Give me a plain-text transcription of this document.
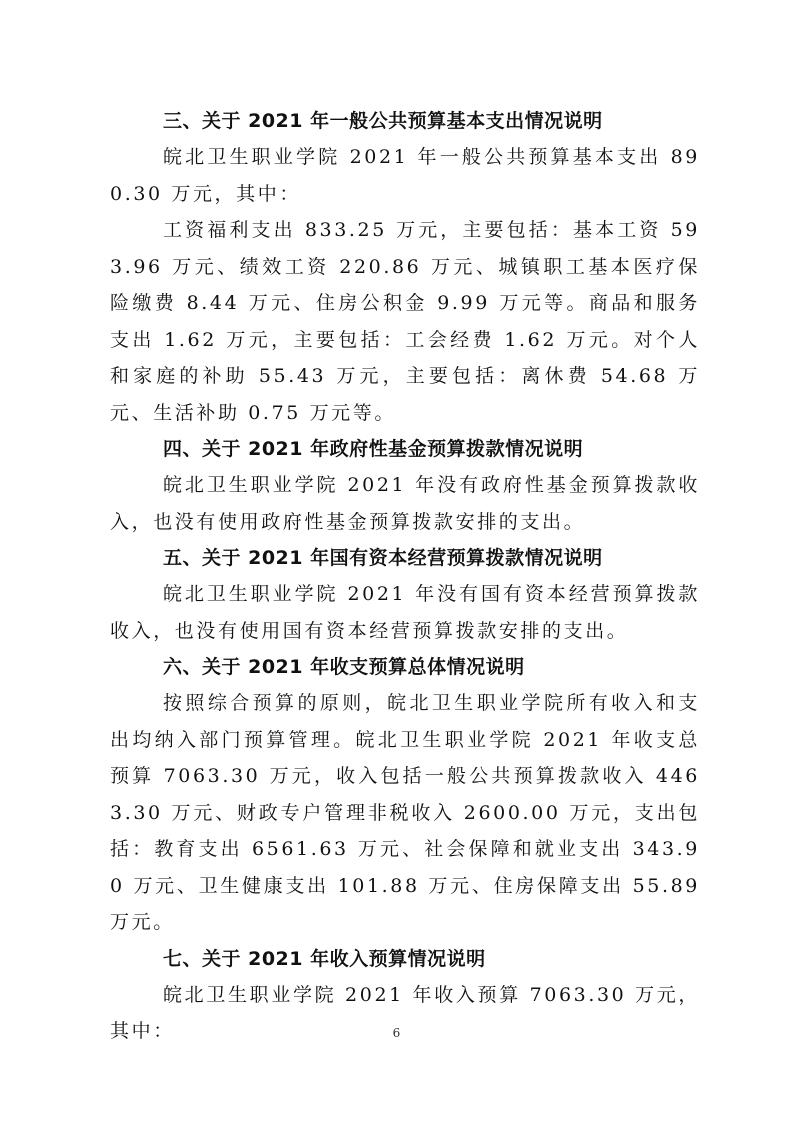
三、关于 2021 年一般公共预算基本支出情况说明

皖北卫生职业学院 2021 年一般公共预算基本支出 890.30 万元，其中：

工资福利支出 833.25 万元，主要包括：基本工资 593.96 万元、绩效工资 220.86 万元、城镇职工基本医疗保险缴费 8.44 万元、住房公积金 9.99 万元等。商品和服务支出 1.62 万元，主要包括：工会经费 1.62 万元。对个人和家庭的补助 55.43 万元，主要包括：离休费 54.68 万元、生活补助 0.75 万元等。

四、关于 2021 年政府性基金预算拨款情况说明

皖北卫生职业学院 2021 年没有政府性基金预算拨款收入，也没有使用政府性基金预算拨款安排的支出。

五、关于 2021 年国有资本经营预算拨款情况说明

皖北卫生职业学院 2021 年没有国有资本经营预算拨款收入，也没有使用国有资本经营预算拨款安排的支出。

六、关于 2021 年收支预算总体情况说明

按照综合预算的原则，皖北卫生职业学院所有收入和支出均纳入部门预算管理。皖北卫生职业学院 2021 年收支总预算 7063.30 万元，收入包括一般公共预算拨款收入 4463.30 万元、财政专户管理非税收入 2600.00 万元，支出包括：教育支出 6561.63 万元、社会保障和就业支出 343.90 万元、卫生健康支出 101.88 万元、住房保障支出 55.89 万元。

七、关于 2021 年收入预算情况说明

皖北卫生职业学院 2021 年收入预算 7063.30 万元，其中：	6
